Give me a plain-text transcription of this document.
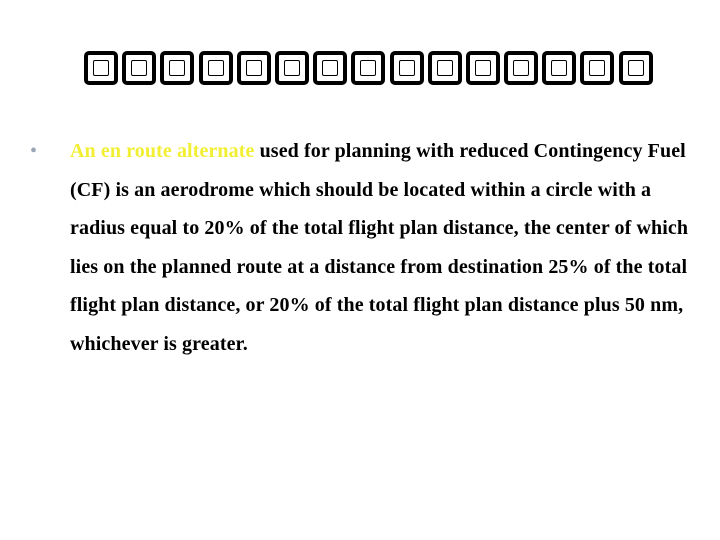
• An en route alternate used for planning with reduced Contingency Fuel (CF) is an aerodrome which should be located within a circle with a radius equal to 20% of the total flight plan distance, the center of which lies on the planned route at a distance from destination 25% of the total flight plan distance, or 20% of the total flight plan distance plus 50 nm, whichever is greater.
